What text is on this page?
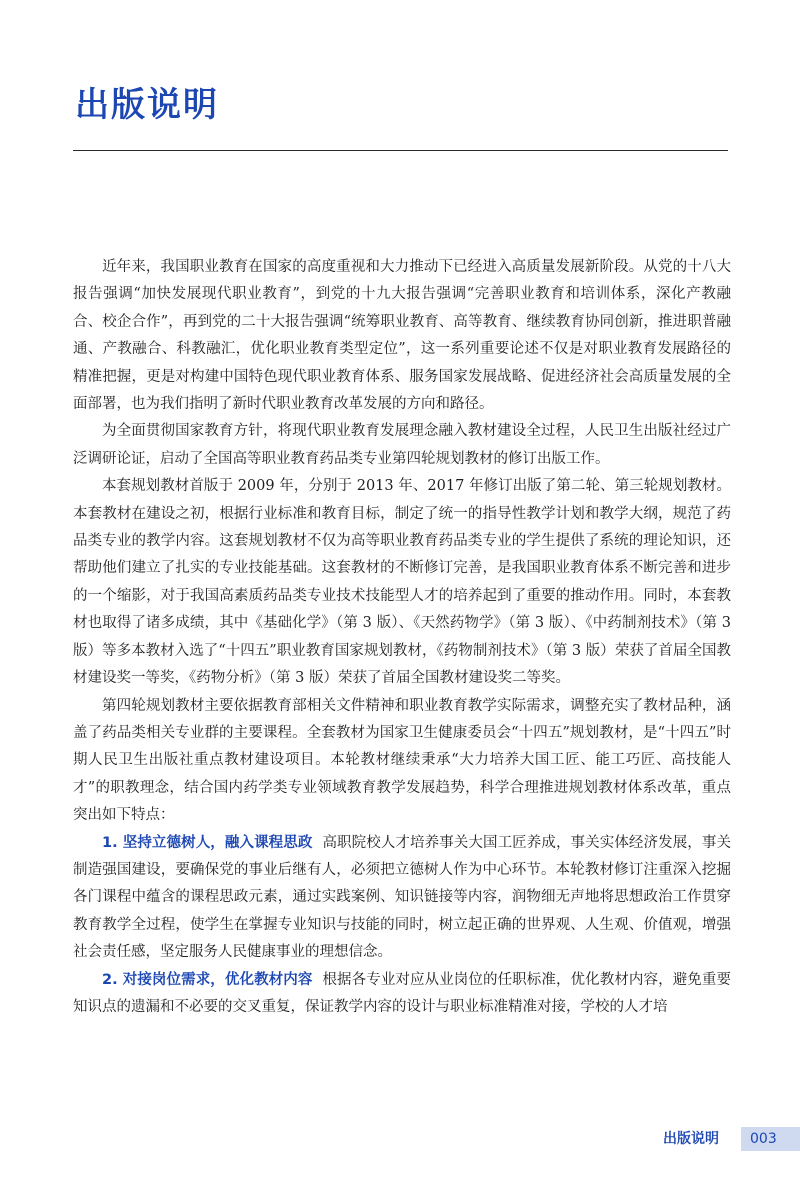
出版说明

近年来，我国职业教育在国家的高度重视和大力推动下已经进入高质量发展新阶段。从党的十八大报告强调“加快发展现代职业教育”，到党的十九大报告强调“完善职业教育和培训体系，深化产教融合、校企合作”，再到党的二十大报告强调“统筹职业教育、高等教育、继续教育协同创新，推进职普融通、产教融合、科教融汇，优化职业教育类型定位”，这一系列重要论述不仅是对职业教育发展路径的精准把握，更是对构建中国特色现代职业教育体系、服务国家发展战略、促进经济社会高质量发展的全面部署，也为我们指明了新时代职业教育改革发展的方向和路径。

为全面贯彻国家教育方针，将现代职业教育发展理念融入教材建设全过程，人民卫生出版社经过广泛调研论证，启动了全国高等职业教育药品类专业第四轮规划教材的修订出版工作。

本套规划教材首版于 2009 年，分别于 2013 年、2017 年修订出版了第二轮、第三轮规划教材。本套教材在建设之初，根据行业标准和教育目标，制定了统一的指导性教学计划和教学大纲，规范了药品类专业的教学内容。这套规划教材不仅为高等职业教育药品类专业的学生提供了系统的理论知识，还帮助他们建立了扎实的专业技能基础。这套教材的不断修订完善，是我国职业教育体系不断完善和进步的一个缩影，对于我国高素质药品类专业技术技能型人才的培养起到了重要的推动作用。同时，本套教材也取得了诸多成绩，其中《基础化学》（第 3 版）、《天然药物学》（第 3 版）、《中药制剂技术》（第 3 版）等多本教材入选了“十四五”职业教育国家规划教材，《药物制剂技术》（第 3 版）荣获了首届全国教材建设奖一等奖，《药物分析》（第 3 版）荣获了首届全国教材建设奖二等奖。

第四轮规划教材主要依据教育部相关文件精神和职业教育教学实际需求，调整充实了教材品种，涵盖了药品类相关专业群的主要课程。全套教材为国家卫生健康委员会“十四五”规划教材，是“十四五”时期人民卫生出版社重点教材建设项目。本轮教材继续秉承“大力培养大国工匠、能工巧匠、高技能人才”的职教理念，结合国内药学类专业领域教育教学发展趋势，科学合理推进规划教材体系改革，重点突出如下特点：

1. 坚持立德树人，融入课程思政 高职院校人才培养事关大国工匠养成，事关实体经济发展，事关制造强国建设，要确保党的事业后继有人，必须把立德树人作为中心环节。本轮教材修订注重深入挖掘各门课程中蕴含的课程思政元素，通过实践案例、知识链接等内容，润物细无声地将思想政治工作贯穿教育教学全过程，使学生在掌握专业知识与技能的同时，树立起正确的世界观、人生观、价值观，增强社会责任感，坚定服务人民健康事业的理想信念。

2. 对接岗位需求，优化教材内容 根据各专业对应从业岗位的任职标准，优化教材内容，避免重要知识点的遗漏和不必要的交叉重复，保证教学内容的设计与职业标准精准对接，学校的人才培

出版说明	003
